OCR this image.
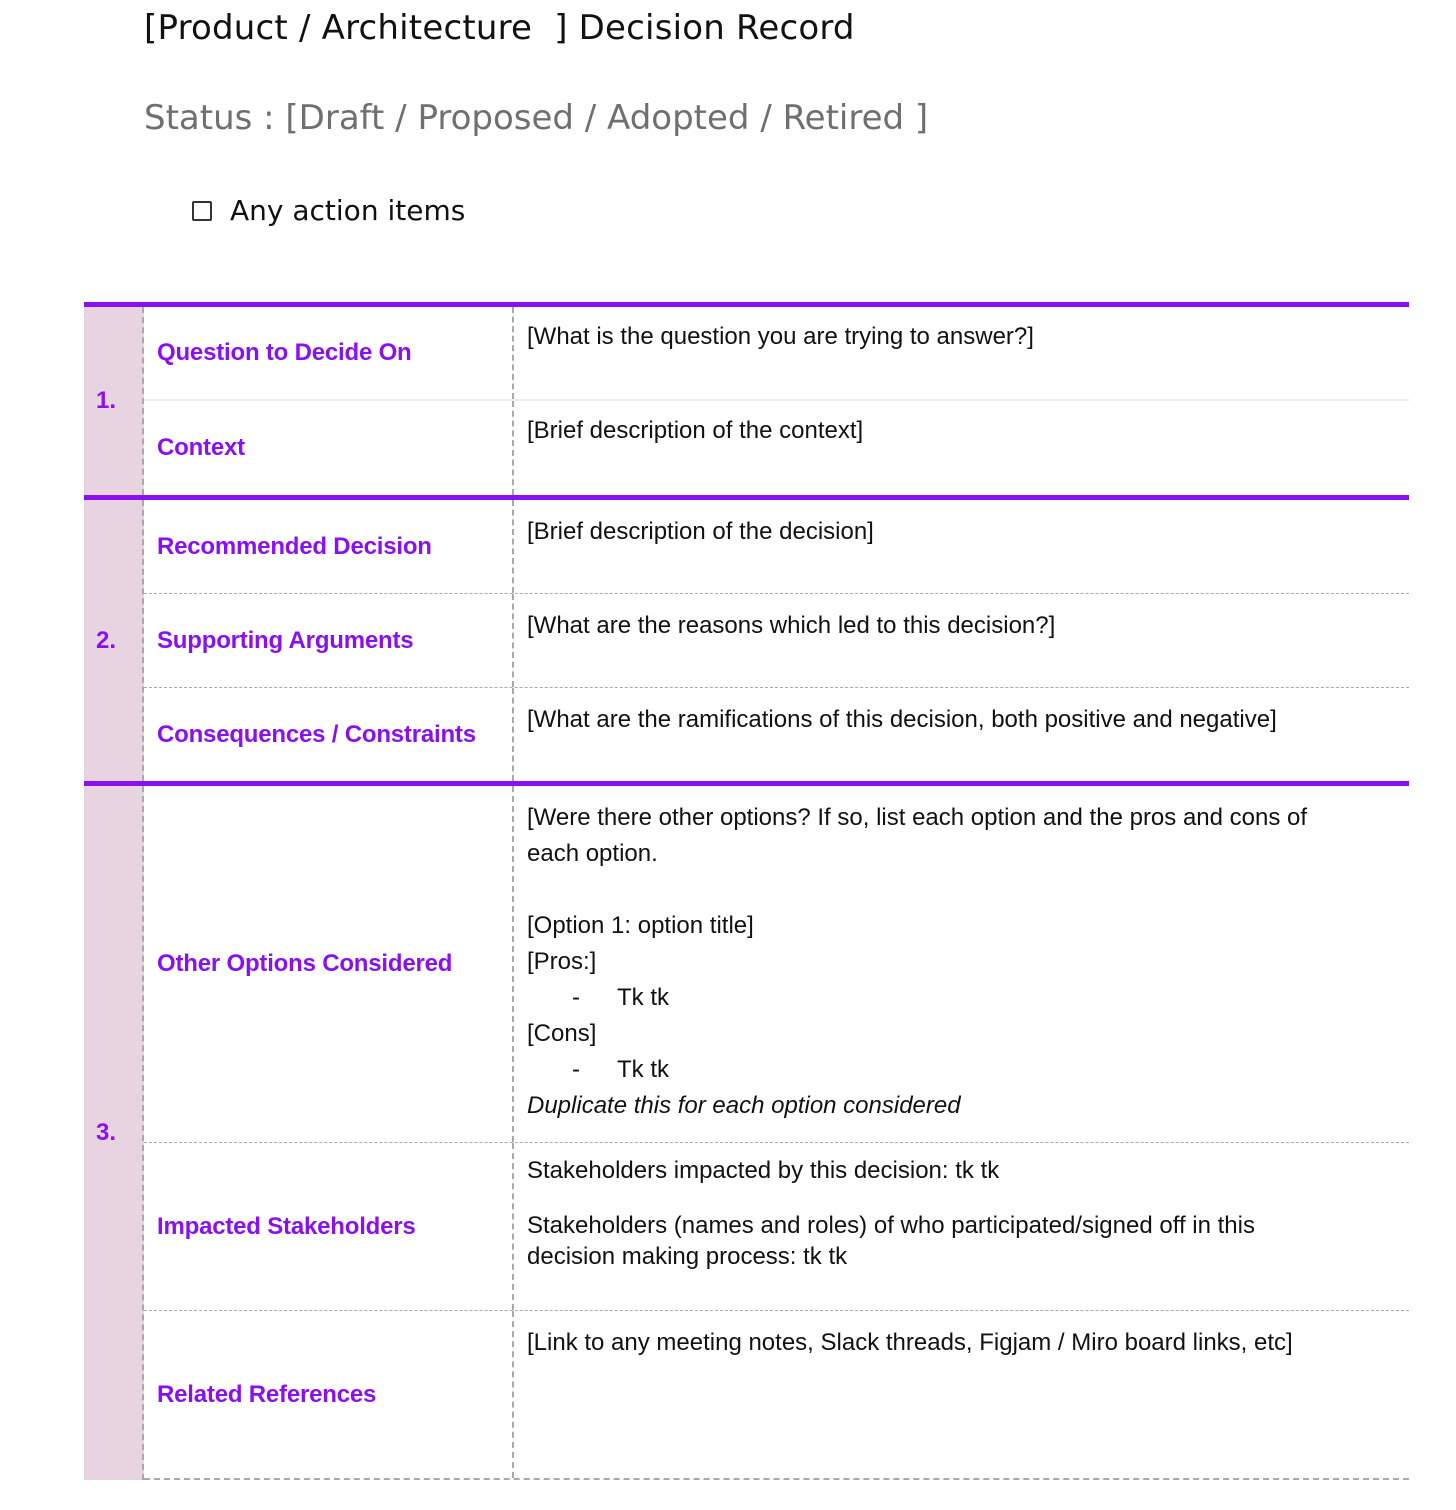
[Product / Architecture  ] Decision Record
Status : [Draft / Proposed / Adopted / Retired ]
Any action items
1.
Question to Decide On
[What is the question you are trying to answer?]
Context
[Brief description of the context]
2.
Recommended Decision
[Brief description of the decision]
Supporting Arguments
[What are the reasons which led to this decision?]
Consequences / Constraints
[What are the ramifications of this decision, both positive and negative]
3.
Other Options Considered
[Were there other options? If so, list each option and the pros and cons of
each option.
[Option 1: option title]
[Pros:]
-	Tk tk
[Cons]
-	Tk tk
Duplicate this for each option considered
Impacted Stakeholders
Stakeholders impacted by this decision: tk tk
Stakeholders (names and roles) of who participated/signed off in this
decision making process: tk tk
Related References
[Link to any meeting notes, Slack threads, Figjam / Miro board links, etc]
